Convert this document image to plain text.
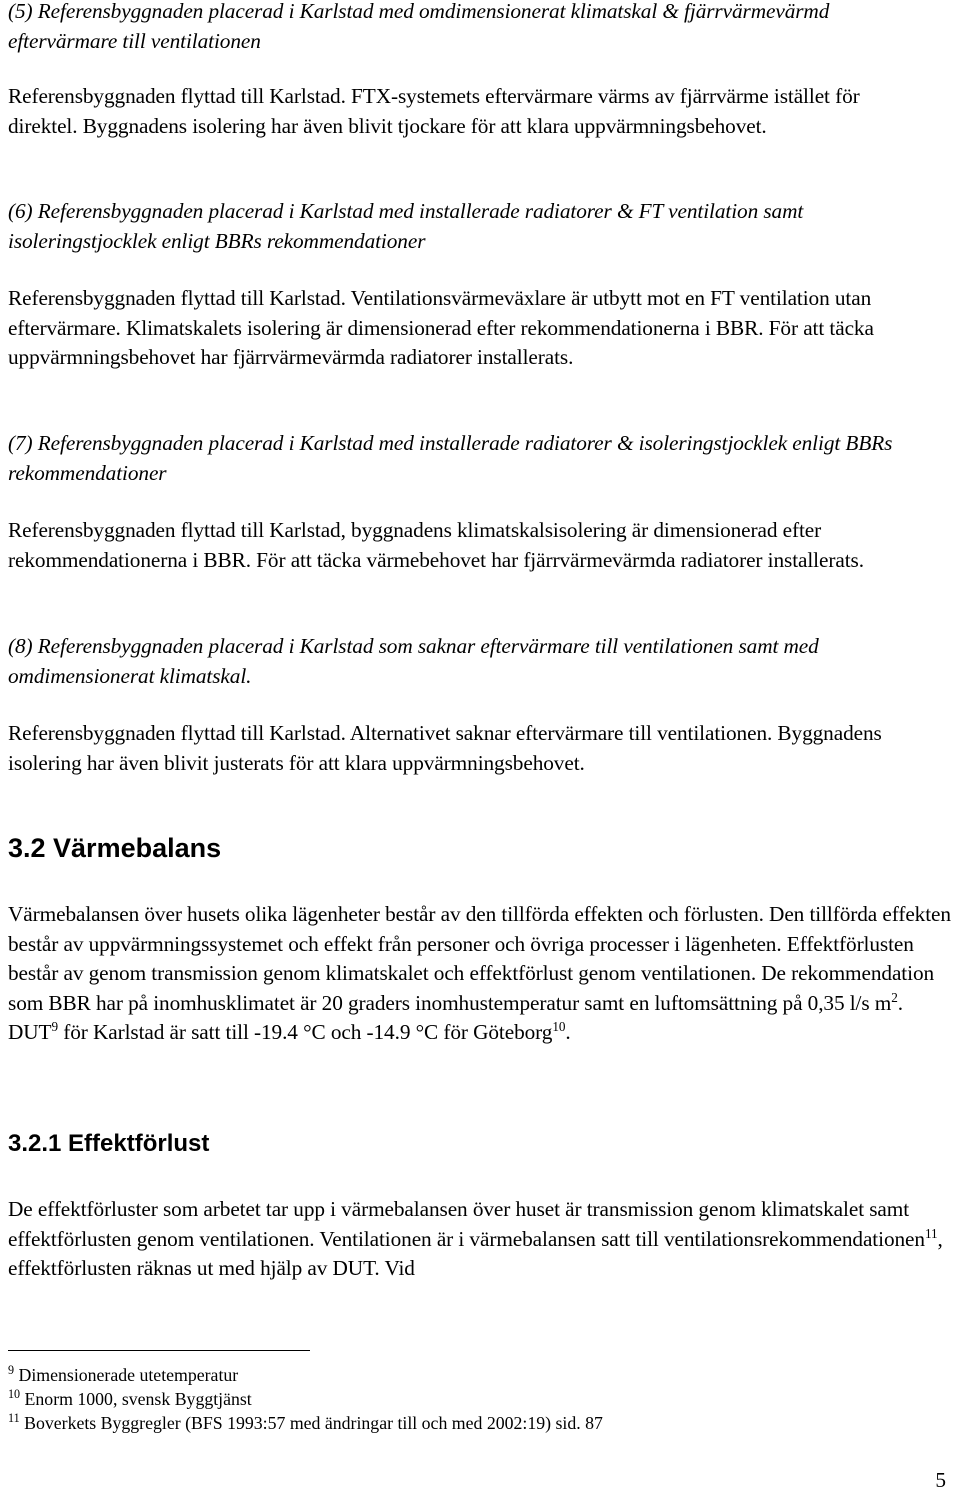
(5) Referensbyggnaden placerad i Karlstad med omdimensionerat klimatskal & fjärrvärmevärmd eftervärmare till ventilationen

Referensbyggnaden flyttad till Karlstad. FTX-systemets eftervärmare värms av fjärrvärme istället för direktel. Byggnadens isolering har även blivit tjockare för att klara uppvärmningsbehovet.

(6) Referensbyggnaden placerad i Karlstad med installerade radiatorer & FT ventilation samt isoleringstjocklek enligt BBRs rekommendationer

Referensbyggnaden flyttad till Karlstad. Ventilationsvärmeväxlare är utbytt mot en FT ventilation utan eftervärmare. Klimatskalets isolering är dimensionerad efter rekommendationerna i BBR. För att täcka uppvärmningsbehovet har fjärrvärmevärmda radiatorer installerats.

(7) Referensbyggnaden placerad i Karlstad med installerade radiatorer & isoleringstjocklek enligt BBRs rekommendationer

Referensbyggnaden flyttad till Karlstad, byggnadens klimatskalsisolering är dimensionerad efter rekommendationerna i BBR. För att täcka värmebehovet har fjärrvärmevärmda radiatorer installerats.

(8) Referensbyggnaden placerad i Karlstad som saknar eftervärmare till ventilationen samt med omdimensionerat klimatskal.

Referensbyggnaden flyttad till Karlstad. Alternativet saknar eftervärmare till ventilationen. Byggnadens isolering har även blivit justerats för att klara uppvärmningsbehovet.

3.2 Värmebalans

Värmebalansen över husets olika lägenheter består av den tillförda effekten och förlusten. Den tillförda effekten består av uppvärmningssystemet och effekt från personer och övriga processer i lägenheten. Effektförlusten består av genom transmission genom klimatskalet och effektförlust genom ventilationen. De rekommendation som BBR har på inomhusklimatet är 20 graders inomhustemperatur samt en luftomsättning på 0,35 l/s $m^2$. DUT$^9$ för Karlstad är satt till -19.4 °C och -14.9 °C för Göteborg$^{10}$.

3.2.1 Effektförlust

De effektförluster som arbetet tar upp i värmebalansen över huset är transmission genom klimatskalet samt effektförlusten genom ventilationen. Ventilationen är i värmebalansen satt till ventilationsrekommendationen$^{11}$, effektförlusten räknas ut med hjälp av DUT. Vid

$^9$ Dimensionerade utetemperatur

$^{10}$ Enorm 1000, svensk Byggtjänst

$^{11}$ Boverkets Byggregler (BFS 1993:57 med ändringar till och med 2002:19) sid. 87

5
